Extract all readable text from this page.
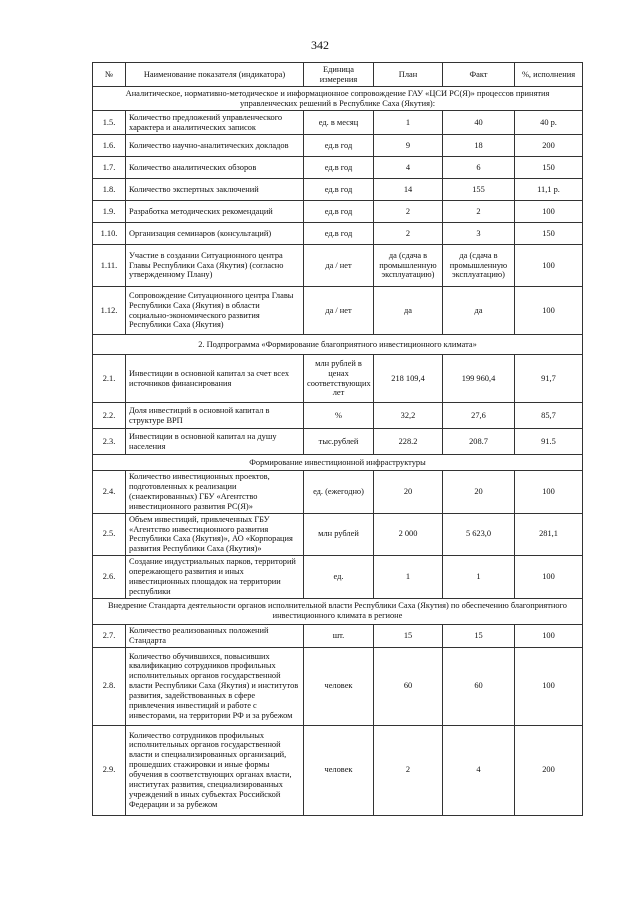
342
№	Наименование показателя (индикатора)	Единица измерения	План	Факт	%, исполнения
Аналитическое, нормативно-методическое и информационное сопровождение ГАУ «ЦСИ РС(Я)» процессов принятия управленческих решений в Республике Саха (Якутия):					
1.5.	Количество предложений управленческого характера и аналитических записок	ед. в месяц	1	40	40 р.
1.6.	Количество научно-аналитических докладов	ед.в год	9	18	200
1.7.	Количество аналитических обзоров	ед.в год	4	6	150
1.8.	Количество экспертных заключений	ед.в год	14	155	11,1 р.
1.9.	Разработка методических рекомендаций	ед.в год	2	2	100
1.10.	Организация семинаров (консультаций)	ед.в год	2	3	150
1.11.	Участие в создании Ситуационного центра Главы Республики Саха (Якутия) (согласно утвержденному Плану)	да / нет	да (сдача в промышленную эксплуатацию)	да (сдача в промышленную эксплуатацию)	100
1.12.	Сопровождение Ситуационного центра Главы Республики Саха (Якутия) в области социально-экономического развития Республики Саха (Якутия)	да / нет	да	да	100
2. Подпрограмма «Формирование благоприятного инвестиционного климата»					
2.1.	Инвестиции в основной капитал за счет всех источников финансирования	млн рублей в ценах соответствующих лет	218 109,4	199 960,4	91,7
2.2.	Доля инвестиций в основной капитал в структуре ВРП	%	32,2	27,6	85,7
2.3.	Инвестиции в основной капитал на душу населения	тыс.рублей	228.2	208.7	91.5
Формирование инвестиционной инфраструктуры					
2.4.	Количество инвестиционных проектов, подготовленных к реализации (снаектированных) ГБУ «Агентство инвестиционного развития РС(Я)»	ед. (ежегодно)	20	20	100
2.5.	Объем инвестиций, привлеченных ГБУ «Агентство инвестиционного развития Республики Саха (Якутия)», АО «Корпорация развития Республики Саха (Якутия)»	млн рублей	2 000	5 623,0	281,1
2.6.	Создание индустриальных парков, территорий опережающего развития и иных инвестиционных площадок на территории республики	ед.	1	1	100
Внедрение Стандарта деятельности органов исполнительной власти Республики Саха (Якутия) по обеспечению благоприятного инвестиционного климата в регионе					
2.7.	Количество реализованных положений Стандарта	шт.	15	15	100
2.8.	Количество обучившихся, повысивших квалификацию сотрудников профильных исполнительных органов государственной власти Республики Саха (Якутия) и институтов развития, задействованных в сфере привлечения инвестиций и работе с инвесторами, на территории РФ и за рубежом	человек	60	60	100
2.9.	Количество сотрудников профильных исполнительных органов государственной власти и специализированных организаций, прошедших стажировки и иные формы обучения в соответствующих органах власти, институтах развития, специализированных учреждений в иных субъектах Российской Федерации и за рубежом	человек	2	4	200
